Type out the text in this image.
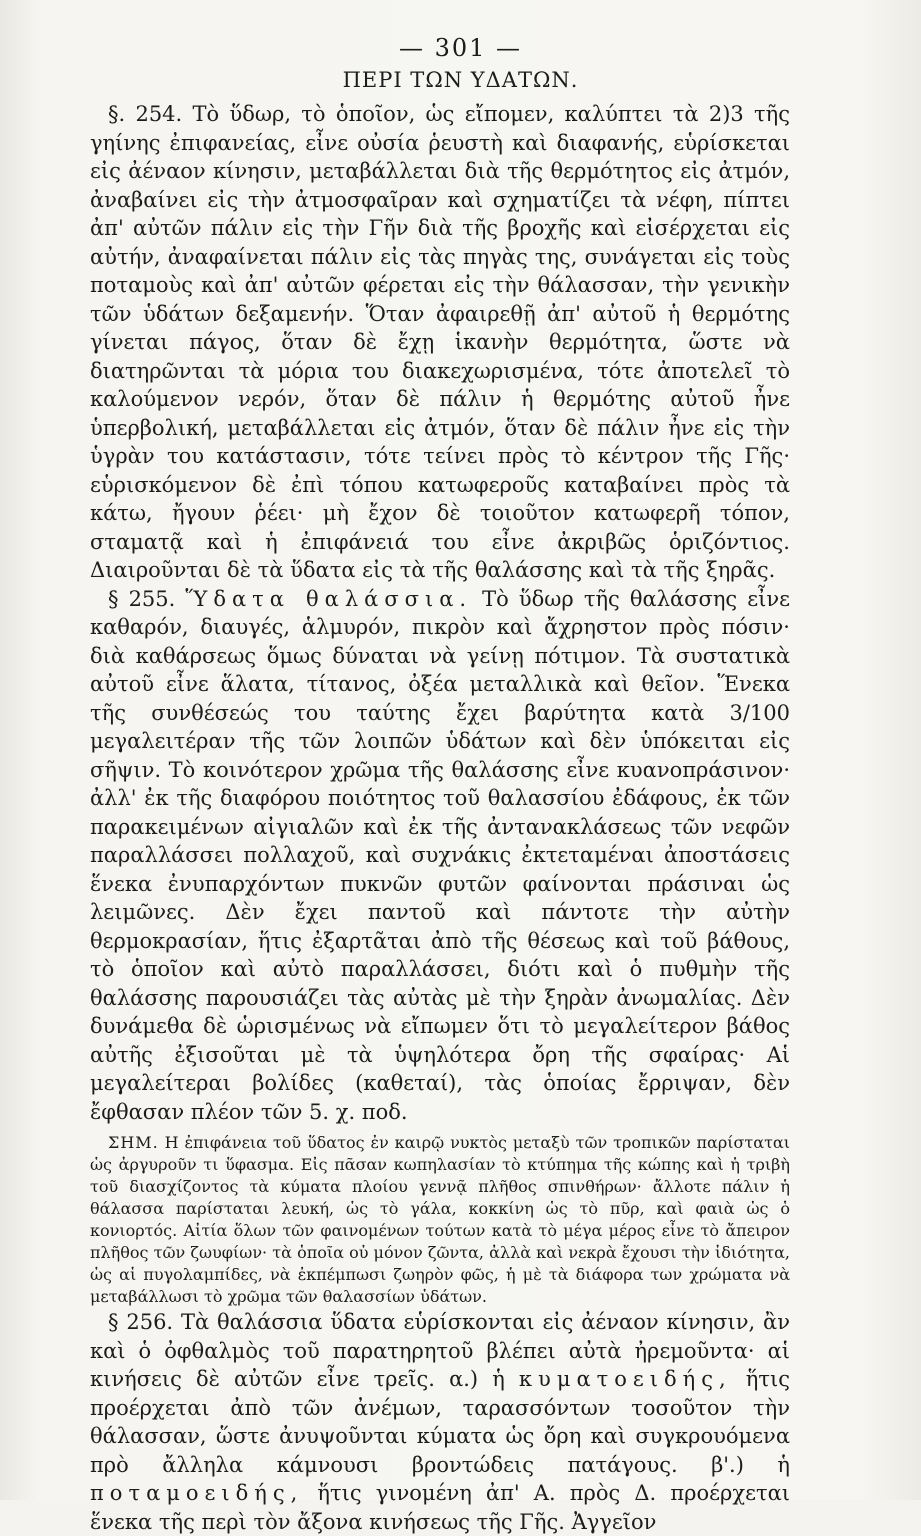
— 301 —
ΠΕΡΙ ΤΩΝ ΥΔΑΤΩΝ.

§. 254. Τὸ ὕδωρ, τὸ ὁποῖον, ὡς εἴπομεν, καλύπτει τὰ 2)3 τῆς γηίνης ἐπιφανείας, εἶνε οὐσία ῥευστὴ καὶ διαφανής, εὑρίσκεται εἰς ἀέναον κίνησιν, μεταβάλλεται διὰ τῆς θερμότητος εἰς ἀτμόν, ἀναβαίνει εἰς τὴν ἀτμοσφαῖραν καὶ σχηματίζει τὰ νέφη, πίπτει ἀπ' αὐτῶν πάλιν εἰς τὴν Γῆν διὰ τῆς βροχῆς καὶ εἰσέρχεται εἰς αὐτήν, ἀναφαίνεται πάλιν εἰς τὰς πηγὰς της, συνάγεται εἰς τοὺς ποταμοὺς καὶ ἀπ' αὐτῶν φέρεται εἰς τὴν θάλασσαν, τὴν γενικὴν τῶν ὑδάτων δεξαμενήν. Ὅταν ἀφαιρεθῇ ἀπ' αὐτοῦ ἡ θερμότης γίνεται πάγος, ὅταν δὲ ἔχῃ ἱκανὴν θερμότητα, ὥστε νὰ διατηρῶνται τὰ μόρια του διακεχωρισμένα, τότε ἀποτελεῖ τὸ καλούμενον νερόν, ὅταν δὲ πάλιν ἡ θερμότης αὐτοῦ ἦνε ὑπερβολική, μεταβάλλεται εἰς ἀτμόν, ὅταν δὲ πάλιν ἦνε εἰς τὴν ὑγρὰν του κατάστασιν, τότε τείνει πρὸς τὸ κέντρον τῆς Γῆς· εὑρισκόμενον δὲ ἐπὶ τόπου κατωφεροῦς καταβαίνει πρὸς τὰ κάτω, ἤγουν ῥέει· μὴ ἔχον δὲ τοιοῦτον κατωφερῆ τόπον, σταματᾷ καὶ ἡ ἐπιφάνειά του εἶνε ἀκριβῶς ὁριζόντιος. Διαιροῦνται δὲ τὰ ὕδατα εἰς τὰ τῆς θαλάσσης καὶ τὰ τῆς ξηρᾶς.

§ 255. Ὕδατα θαλάσσια. Τὸ ὕδωρ τῆς θαλάσσης εἶνε καθαρόν, διαυγές, ἁλμυρόν, πικρὸν καὶ ἄχρηστον πρὸς πόσιν· διὰ καθάρσεως ὅμως δύναται νὰ γείνῃ πότιμον. Τὰ συστατικὰ αὐτοῦ εἶνε ἅλατα, τίτανος, ὀξέα μεταλλικὰ καὶ θεῖον. Ἕνεκα τῆς συνθέσεώς του ταύτης ἔχει βαρύτητα κατὰ 3/100 μεγαλειτέραν τῆς τῶν λοιπῶν ὑδάτων καὶ δὲν ὑπόκειται εἰς σῆψιν. Τὸ κοινότερον χρῶμα τῆς θαλάσσης εἶνε κυανοπράσινον· ἀλλ' ἐκ τῆς διαφόρου ποιότητος τοῦ θαλασσίου ἐδάφους, ἐκ τῶν παρακειμένων αἰγιαλῶν καὶ ἐκ τῆς ἀντανακλάσεως τῶν νεφῶν παραλλάσσει πολλαχοῦ, καὶ συχνάκις ἐκτεταμέναι ἀποστάσεις ἕνεκα ἐνυπαρχόντων πυκνῶν φυτῶν φαίνονται πράσιναι ὡς λειμῶνες. Δὲν ἔχει παντοῦ καὶ πάντοτε τὴν αὐτὴν θερμοκρασίαν, ἥτις ἐξαρτᾶται ἀπὸ τῆς θέσεως καὶ τοῦ βάθους, τὸ ὁποῖον καὶ αὐτὸ παραλλάσσει, διότι καὶ ὁ πυθμὴν τῆς θαλάσσης παρουσιάζει τὰς αὐτὰς μὲ τὴν ξηρὰν ἀνωμαλίας. Δὲν δυνάμεθα δὲ ὡρισμένως νὰ εἴπωμεν ὅτι τὸ μεγαλείτερον βάθος αὐτῆς ἐξισοῦται μὲ τὰ ὑψηλότερα ὄρη τῆς σφαίρας· Αἱ μεγαλείτεραι βολίδες (καθεταί), τὰς ὁποίας ἔρριψαν, δὲν ἔφθασαν πλέον τῶν 5. χ. ποδ.

ΣΗΜ. Η ἐπιφάνεια τοῦ ὕδατος ἐν καιρῷ νυκτὸς μεταξὺ τῶν τροπικῶν παρίσταται ὡς ἀργυροῦν τι ὕφασμα. Εἰς πᾶσαν κωπηλασίαν τὸ κτύπημα τῆς κώπης καὶ ἡ τριβὴ τοῦ διασχίζοντος τὰ κύματα πλοίου γεννᾷ πλῆθος σπινθήρων· ἄλλοτε πάλιν ἡ θάλασσα παρίσταται λευκή, ὡς τὸ γάλα, κοκκίνη ὡς τὸ πῦρ, καὶ φαιὰ ὡς ὁ κονιορτός. Αἰτία ὅλων τῶν φαινομένων τούτων κατὰ τὸ μέγα μέρος εἶνε τὸ ἄπειρον πλῆθος τῶν ζωυφίων· τὰ ὁποῖα οὐ μόνον ζῶντα, ἀλλὰ καὶ νεκρὰ ἔχουσι τὴν ἰδιότητα, ὡς αἱ πυγολαμπίδες, νὰ ἐκπέμπωσι ζωηρὸν φῶς, ἡ μὲ τὰ διάφορα των χρώματα νὰ μεταβάλλωσι τὸ χρῶμα τῶν θαλασσίων ὑδάτων.

§ 256. Τὰ θαλάσσια ὕδατα εὑρίσκονται εἰς ἀέναον κίνησιν, ἂν καὶ ὁ ὀφθαλμὸς τοῦ παρατηρητοῦ βλέπει αὐτὰ ἠρεμοῦντα· αἱ κινήσεις δὲ αὐτῶν εἶνε τρεῖς. α.) ἡ κυματοειδής, ἥτις προέρχεται ἀπὸ τῶν ἀνέμων, ταρασσόντων τοσοῦτον τὴν θάλασσαν, ὥστε ἀνυψοῦνται κύματα ὡς ὄρη καὶ συγκρουόμενα πρὸ ἄλληλα κάμνουσι βροντώδεις πατάγους. β'.) ἡ ποταμοειδής, ἥτις γινομένη ἀπ' Α. πρὸς Δ. προέρχεται ἕνεκα τῆς περὶ τὸν ἄξονα κινήσεως τῆς Γῆς. Ἀγγεῖον
